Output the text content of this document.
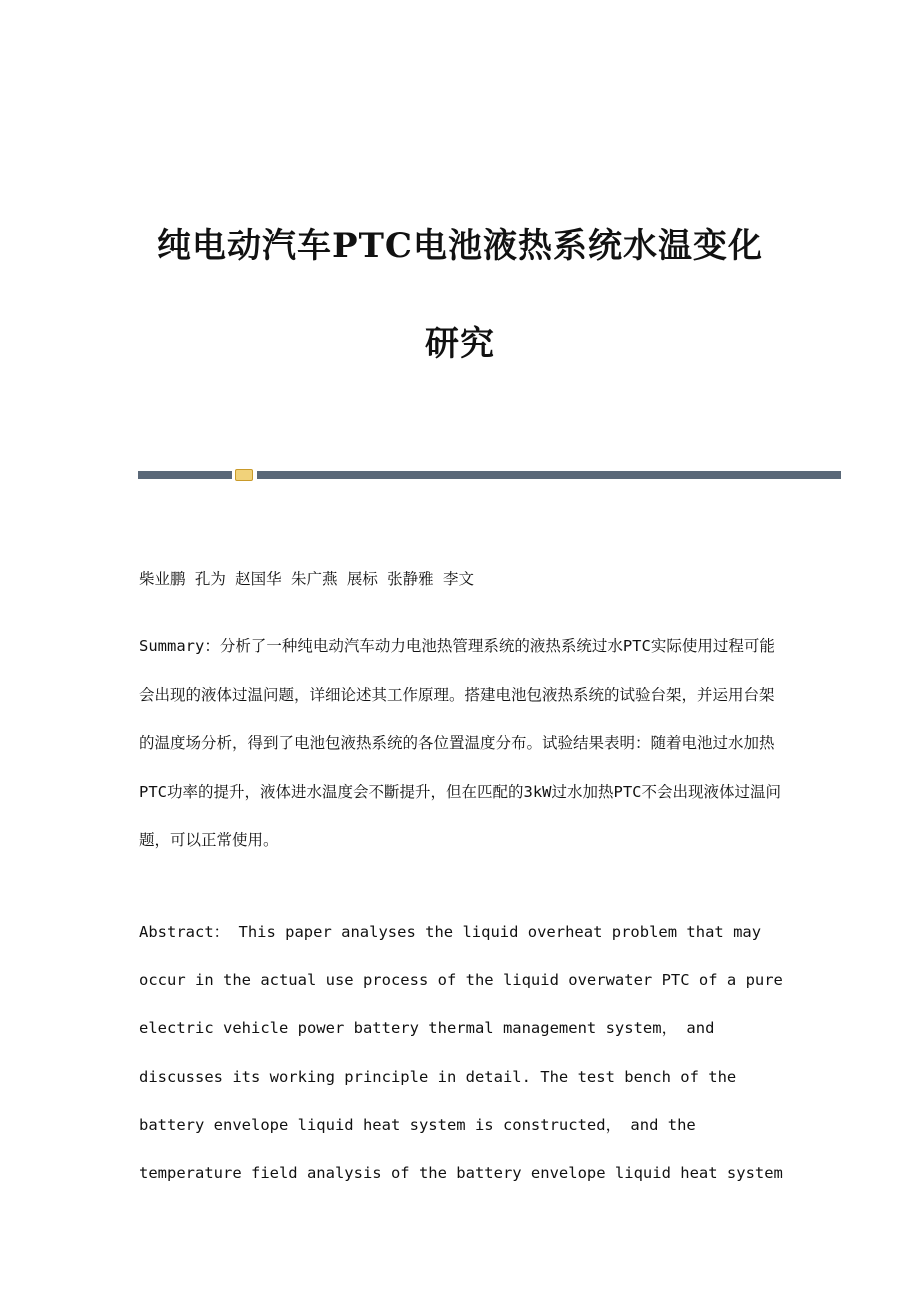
纯电动汽车PTC电池液热系统水温变化
研究

柴业鹏 孔为 赵国华 朱广燕 展标 张静雅 李文

Summary：分析了一种纯电动汽车动力电池热管理系统的液热系统过水PTC实际使用过程可能会出现的液体过温问题，详细论述其工作原理。搭建电池包液热系统的试验台架，并运用台架的温度场分析，得到了电池包液热系统的各位置温度分布。试验结果表明：随着电池过水加热PTC功率的提升，液体进水温度会不斷提升，但在匹配的3kW过水加热PTC不会出现液体过温问题，可以正常使用。

Abstract： This paper analyses the liquid overheat problem that may
occur in the actual use process of the liquid overwater PTC of a pure
electric vehicle power battery thermal management system， and
discusses its working principle in detail. The test bench of the
battery envelope liquid heat system is constructed， and the
temperature field analysis of the battery envelope liquid heat system
